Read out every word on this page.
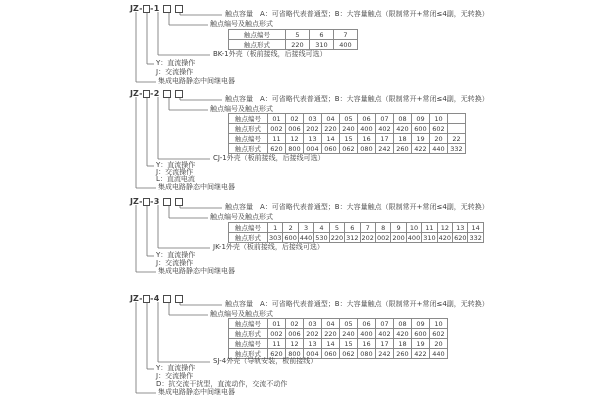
JZ- -1
触点容量　A：可省略代表普通型；B：大容量触点（限制常开+常闭≤4副，无转换）
触点编号及触点形式
触点编号	5	6	7
触点形式	220	310	400
BK-1外壳（板前接线，后接线可选）
Y：直流操作
J：交流操作
集成电路静态中间继电器
JZ- -2
触点容量　A：可省略代表普通型；B：大容量触点（限制常开+常闭≤4副，无转换）
触点编号及触点形式
触点编号	01	02	03	04	05	06	07	08	09	10	
触点形式	002	006	202	220	240	400	402	420	600	602	
触点编号	11	12	13	14	15	16	17	18	19	20	22
触点形式	620	800	004	060	062	080	242	260	422	440	332
CJ-1外壳（板前接线，后接线可选）
Y：直流操作
J：交流操作
L：直流电流
集成电路静态中间继电器
JZ- -3
触点容量　A：可省略代表普通型；B：大容量触点（限制常开+常闭≤4副，无转换）
触点编号及触点形式
触点编号	1	2	3	4	5	6	7	8	9	10	11	12	13	14
触点形式	303	600	440	530	220	312	202	002	200	400	310	420	620	332
JK-1外壳（板前接线，后接线可选）
Y：直流操作
J：交流操作
集成电路静态中间继电器
JZ- -4
触点容量　A：可省略代表普通型；B：大容量触点（限制常开+常闭≤4副，无转换）
触点编号及触点形式
触点编号	01	02	03	04	05	06	07	08	09	10
触点形式	002	006	202	220	240	400	402	420	600	602
触点编号	11	12	13	14	15	16	17	18	19	20
触点形式	620	800	004	060	062	080	242	260	422	440
SJ-4外壳（导轨安装，板前接线）
Y：直流操作
J：交流操作
D：抗交流干扰型，直流动作，交流不动作
集成电路静态中间继电器
